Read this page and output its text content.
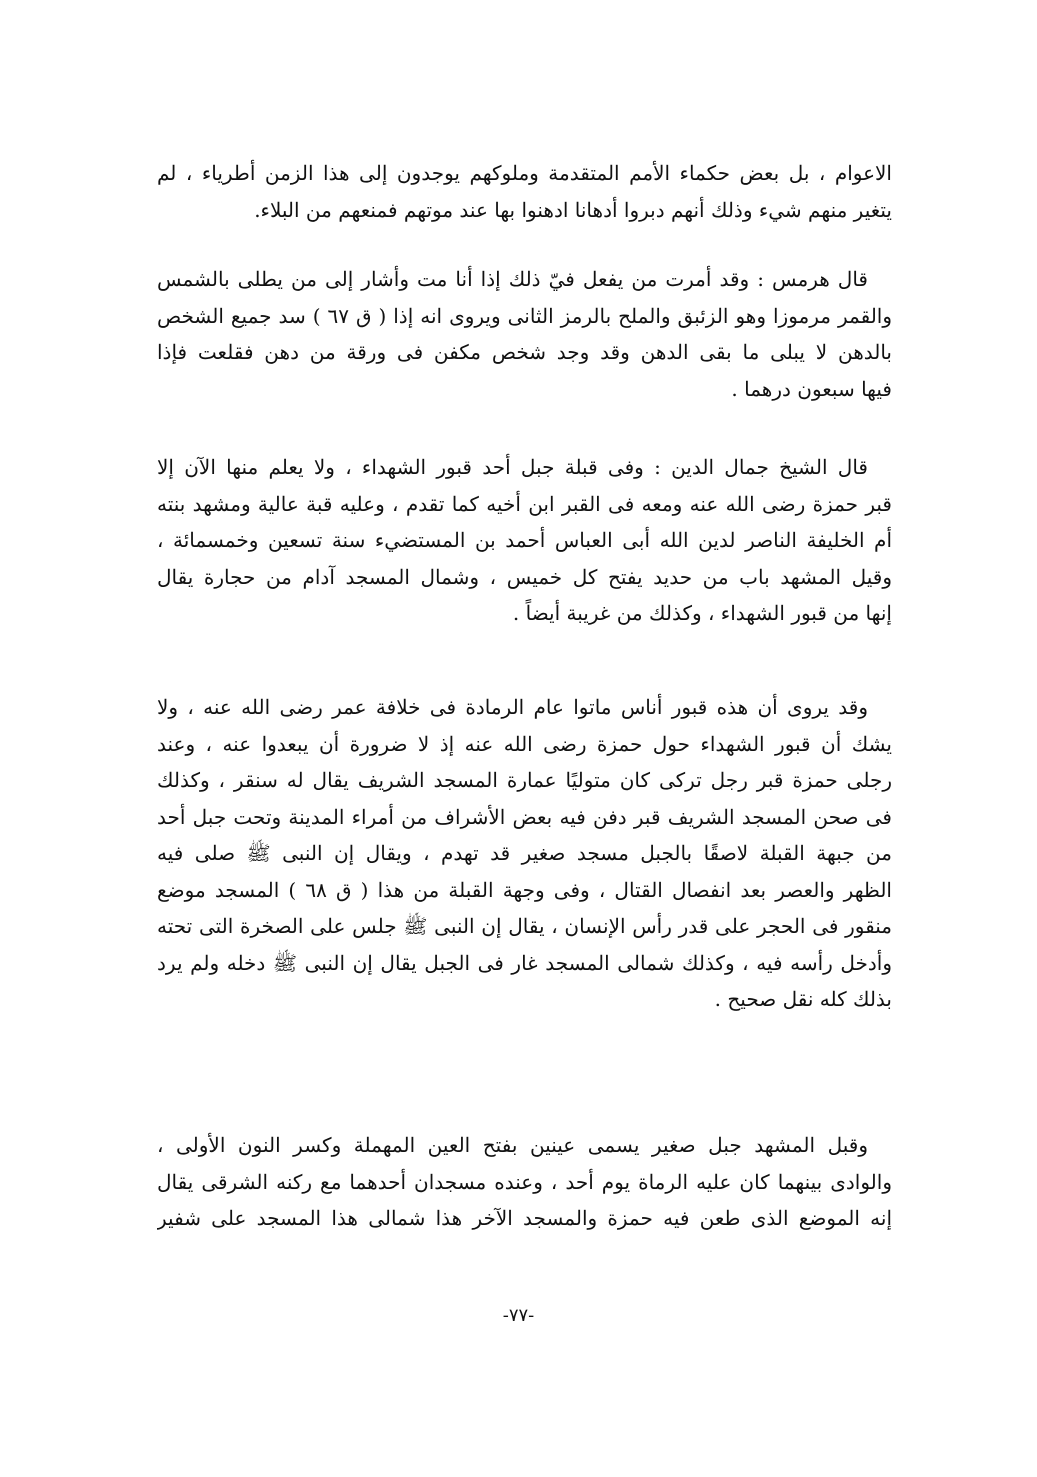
الاعوام ، بل بعض حكماء الأمم المتقدمة وملوكهم يوجدون إلى هذا الزمن أطرياء ، لم
يتغير منهم شيء وذلك أنهم دبروا أدهانا ادهنوا بها عند موتهم فمنعهم من البلاء.
قال هرمس : وقد أمرت من يفعل فيّ ذلك إذا أنا مت وأشار إلى من يطلى بالشمس
والقمر مرموزا وهو الزئبق والملح بالرمز الثانى ويروى انه إذا ( ق ٦٧ ) سد جميع الشخص
بالدهن لا يبلى ما بقى الدهن وقد وجد شخص مكفن فى ورقة من دهن فقلعت فإذا
فيها سبعون درهما .
قال الشيخ جمال الدين : وفى قبلة جبل أحد قبور الشهداء ، ولا يعلم منها الآن إلا
قبر حمزة رضى الله عنه ومعه فى القبر ابن أخيه كما تقدم ، وعليه قبة عالية ومشهد بنته
أم الخليفة الناصر لدين الله أبى العباس أحمد بن المستضيء سنة تسعين وخمسمائة ،
وقيل المشهد باب من حديد يفتح كل خميس ، وشمال المسجد آدام من حجارة يقال
إنها من قبور الشهداء ، وكذلك من غريبة أيضاً .
وقد يروى أن هذه قبور أناس ماتوا عام الرمادة فى خلافة عمر رضى الله عنه ، ولا
يشك أن قبور الشهداء حول حمزة رضى الله عنه إذ لا ضرورة أن يبعدوا عنه ، وعند
رجلى حمزة قبر رجل تركى كان متوليًا عمارة المسجد الشريف يقال له سنقر ، وكذلك
فى صحن المسجد الشريف قبر دفن فيه بعض الأشراف من أمراء المدينة وتحت جبل أحد
من جبهة القبلة لاصقًا بالجبل مسجد صغير قد تهدم ، ويقال إن النبى ﷺ صلى فيه
الظهر والعصر بعد انفصال القتال ، وفى وجهة القبلة من هذا ( ق ٦٨ ) المسجد موضع
منقور فى الحجر على قدر رأس الإنسان ، يقال إن النبى ﷺ جلس على الصخرة التى تحته
وأدخل رأسه فيه ، وكذلك شمالى المسجد غار فى الجبل يقال إن النبى ﷺ دخله ولم يرد
بذلك كله نقل صحيح .
وقبل المشهد جبل صغير يسمى عينين بفتح العين المهملة وكسر النون الأولى ،
والوادى بينهما كان عليه الرماة يوم أحد ، وعنده مسجدان أحدهما مع ركنه الشرقى يقال
إنه الموضع الذى طعن فيه حمزة والمسجد الآخر هذا شمالى هذا المسجد على شفير
-٧٧-
